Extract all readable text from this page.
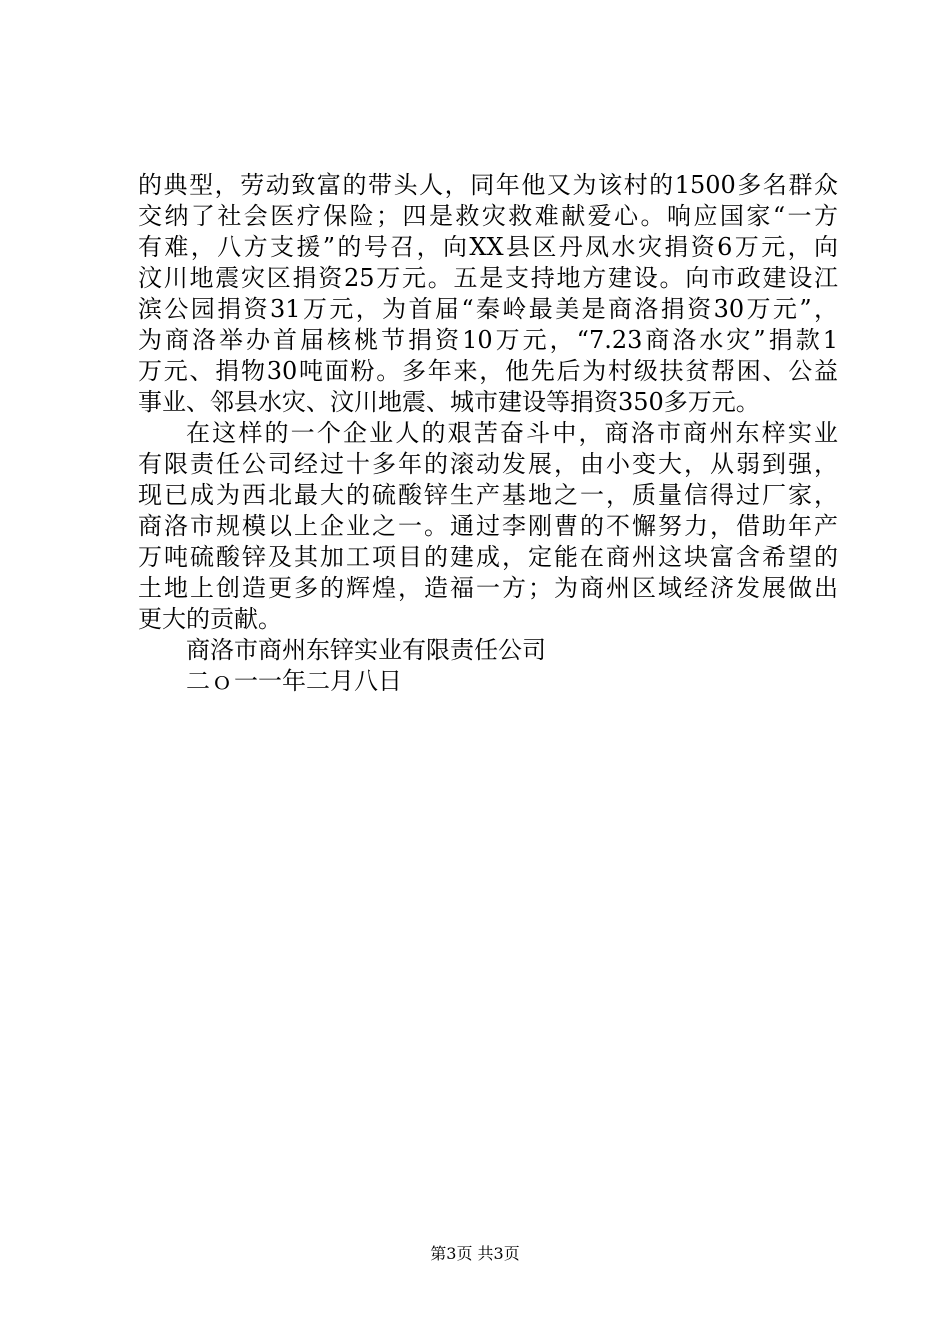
的典型，劳动致富的带头人，同年他又为该村的1500多名群众
交纳了社会医疗保险；四是救灾救难献爱心。响应国家“一方
有难，八方支援”的号召，向XX县区丹凤水灾捐资6万元，向
汶川地震灾区捐资25万元。五是支持地方建设。向市政建设江
滨公园捐资31万元，为首届“秦岭最美是商洛捐资30万元”，
为商洛举办首届核桃节捐资10万元，“7.23商洛水灾”捐款1
万元、捐物30吨面粉。多年来，他先后为村级扶贫帮困、公益
事业、邻县水灾、汶川地震、城市建设等捐资350多万元。
在这样的一个企业人的艰苦奋斗中，商洛市商州东梓实业
有限责任公司经过十多年的滚动发展，由小变大，从弱到强，
现已成为西北最大的硫酸锌生产基地之一，质量信得过厂家，
商洛市规模以上企业之一。通过李刚曹的不懈努力，借助年产
万吨硫酸锌及其加工项目的建成，定能在商州这块富含希望的
土地上创造更多的辉煌，造福一方；为商州区域经济发展做出
更大的贡献。
商洛市商州东锌实业有限责任公司
二ｏ一一年二月八日
第3页 共3页
